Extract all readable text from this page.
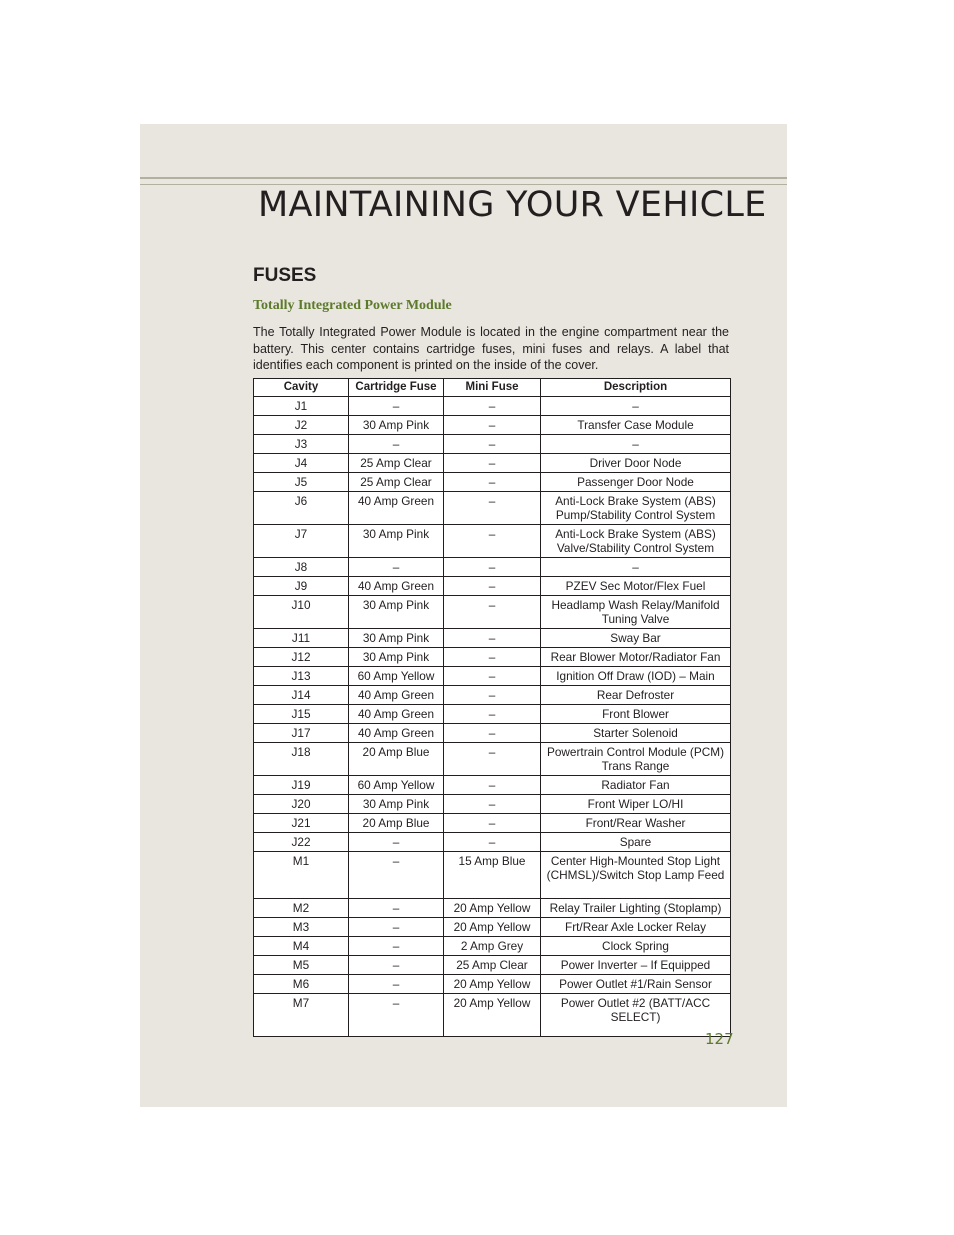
MAINTAINING YOUR VEHICLE
FUSES
Totally Integrated Power Module

The Totally Integrated Power Module is located in the engine compartment near the battery. This center contains cartridge fuses, mini fuses and relays. A label that identifies each component is printed on the inside of the cover.

Cavity	Cartridge Fuse	Mini Fuse	Description
J1	–	–	–
J2	30 Amp Pink	–	Transfer Case Module
J3	–	–	–
J4	25 Amp Clear	–	Driver Door Node
J5	25 Amp Clear	–	Passenger Door Node
J6	40 Amp Green	–	Anti-Lock Brake System (ABS) Pump/Stability Control System
J7	30 Amp Pink	–	Anti-Lock Brake System (ABS) Valve/Stability Control System
J8	–	–	–
J9	40 Amp Green	–	PZEV Sec Motor/Flex Fuel
J10	30 Amp Pink	–	Headlamp Wash Relay/Manifold Tuning Valve
J11	30 Amp Pink	–	Sway Bar
J12	30 Amp Pink	–	Rear Blower Motor/Radiator Fan
J13	60 Amp Yellow	–	Ignition Off Draw (IOD) – Main
J14	40 Amp Green	–	Rear Defroster
J15	40 Amp Green	–	Front Blower
J17	40 Amp Green	–	Starter Solenoid
J18	20 Amp Blue	–	Powertrain Control Module (PCM) Trans Range
J19	60 Amp Yellow	–	Radiator Fan
J20	30 Amp Pink	–	Front Wiper LO/HI
J21	20 Amp Blue	–	Front/Rear Washer
J22	–	–	Spare
M1	–	15 Amp Blue	Center High-Mounted Stop Light (CHMSL)/Switch Stop Lamp Feed
M2	–	20 Amp Yellow	Relay Trailer Lighting (Stoplamp)
M3	–	20 Amp Yellow	Frt/Rear Axle Locker Relay
M4	–	2 Amp Grey	Clock Spring
M5	–	25 Amp Clear	Power Inverter – If Equipped
M6	–	20 Amp Yellow	Power Outlet #1/Rain Sensor
M7	–	20 Amp Yellow	Power Outlet #2 (BATT/ACC SELECT)
127
